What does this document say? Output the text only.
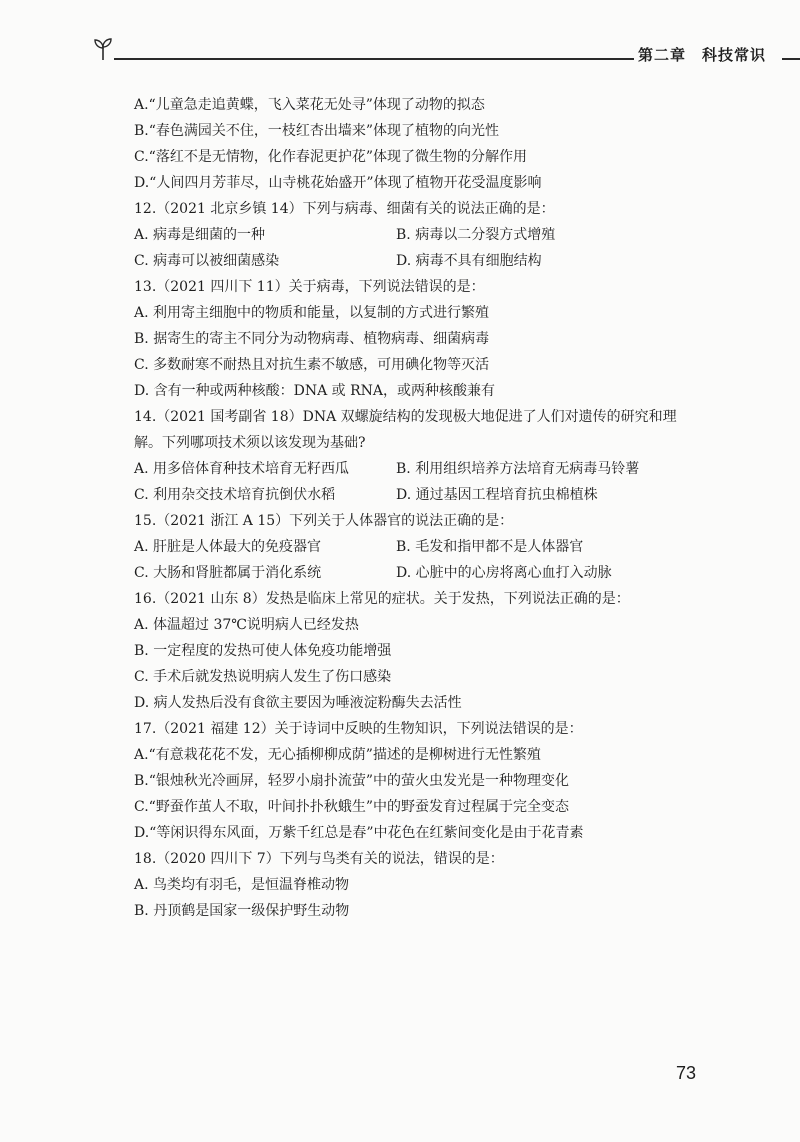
第二章　科技常识
A.“儿童急走追黄蝶，飞入菜花无处寻”体现了动物的拟态
B.“春色满园关不住，一枝红杏出墙来”体现了植物的向光性
C.“落红不是无情物，化作春泥更护花”体现了微生物的分解作用
D.“人间四月芳菲尽，山寺桃花始盛开”体现了植物开花受温度影响
12.（2021 北京乡镇 14）下列与病毒、细菌有关的说法正确的是：
A. 病毒是细菌的一种	B. 病毒以二分裂方式增殖
C. 病毒可以被细菌感染	D. 病毒不具有细胞结构
13.（2021 四川下 11）关于病毒，下列说法错误的是：
A. 利用寄主细胞中的物质和能量，以复制的方式进行繁殖
B. 据寄生的寄主不同分为动物病毒、植物病毒、细菌病毒
C. 多数耐寒不耐热且对抗生素不敏感，可用碘化物等灭活
D. 含有一种或两种核酸：DNA 或 RNA，或两种核酸兼有
14.（2021 国考副省 18）DNA 双螺旋结构的发现极大地促进了人们对遗传的研究和理解。下列哪项技术须以该发现为基础?
A. 用多倍体育种技术培育无籽西瓜	B. 利用组织培养方法培育无病毒马铃薯
C. 利用杂交技术培育抗倒伏水稻	D. 通过基因工程培育抗虫棉植株
15.（2021 浙江 A 15）下列关于人体器官的说法正确的是：
A. 肝脏是人体最大的免疫器官	B. 毛发和指甲都不是人体器官
C. 大肠和肾脏都属于消化系统	D. 心脏中的心房将离心血打入动脉
16.（2021 山东 8）发热是临床上常见的症状。关于发热，下列说法正确的是：
A. 体温超过 37℃说明病人已经发热
B. 一定程度的发热可使人体免疫功能增强
C. 手术后就发热说明病人发生了伤口感染
D. 病人发热后没有食欲主要因为唾液淀粉酶失去活性
17.（2021 福建 12）关于诗词中反映的生物知识，下列说法错误的是：
A.“有意栽花花不发，无心插柳柳成荫”描述的是柳树进行无性繁殖
B.“银烛秋光冷画屏，轻罗小扇扑流萤”中的萤火虫发光是一种物理变化
C.“野蚕作茧人不取，叶间扑扑秋蛾生”中的野蚕发育过程属于完全变态
D.“等闲识得东风面，万紫千红总是春”中花色在红紫间变化是由于花青素
18.（2020 四川下 7）下列与鸟类有关的说法，错误的是：
A. 鸟类均有羽毛，是恒温脊椎动物
B. 丹顶鹤是国家一级保护野生动物
73
